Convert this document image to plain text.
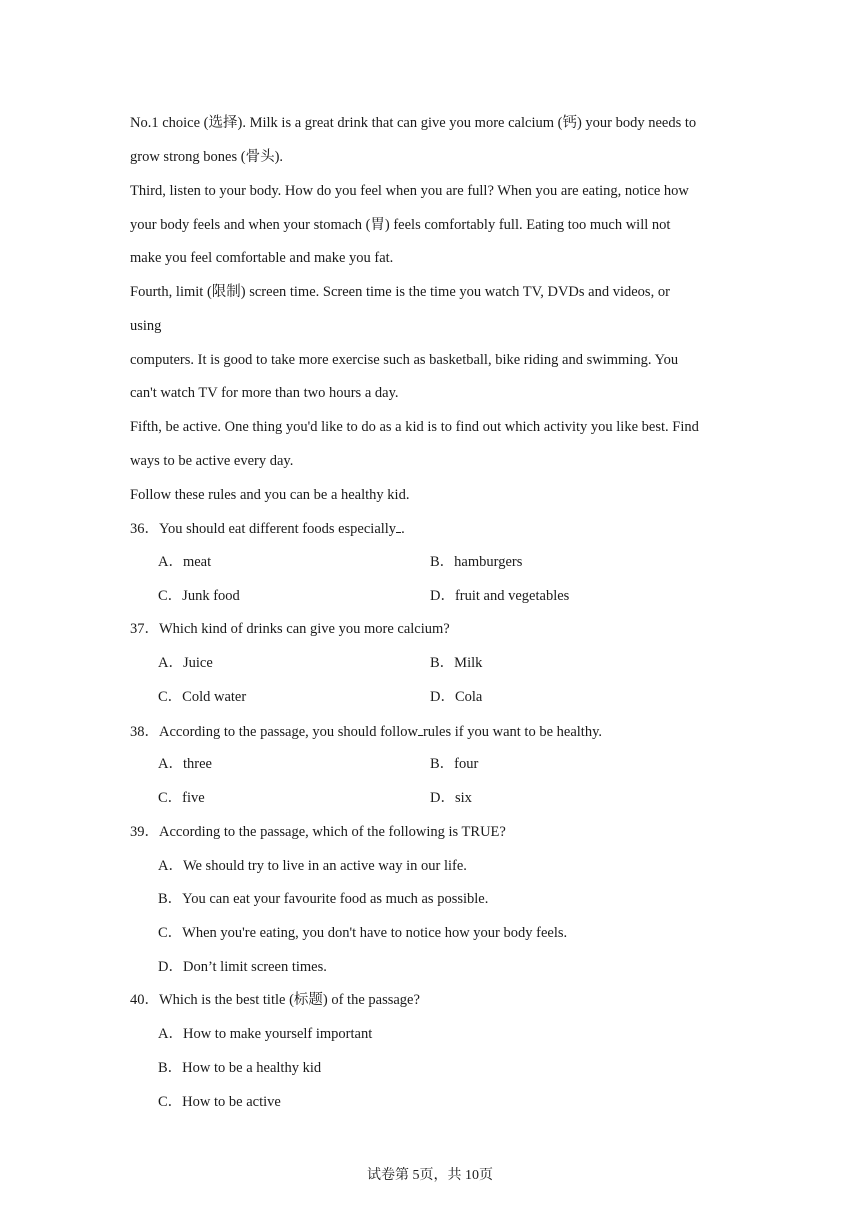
No.1 choice (选择). Milk is a great drink that can give you more calcium (钙) your body needs to
grow strong bones (骨头).
Third, listen to your body. How do you feel when you are full? When you are eating, notice how
your body feels and when your stomach (胃) feels comfortably full. Eating too much will not
make you feel comfortable and make you fat.
Fourth, limit (限制) screen time. Screen time is the time you watch TV, DVDs and videos, or
using
computers. It is good to take more exercise such as basketball, bike riding and swimming. You
can't watch TV for more than two hours a day.
Fifth, be active. One thing you'd like to do as a kid is to find out which activity you like best. Find
ways to be active every day.
Follow these rules and you can be a healthy kid.
36．You should eat different foods especially .
A．meat	B．hamburgers
C．Junk food	D．fruit and vegetables
37．Which kind of drinks can give you more calcium?
A．Juice	B．Milk
C．Cold water	D．Cola
38．According to the passage, you should follow rules if you want to be healthy.
A．three	B．four
C．five	D．six
39．According to the passage, which of the following is TRUE?
A．We should try to live in an active way in our life.
B．You can eat your favourite food as much as possible.
C．When you're eating, you don't have to notice how your body feels.
D．Don’t limit screen times.
40．Which is the best title (标题) of the passage?
A．How to make yourself important
B．How to be a healthy kid
C．How to be active
试卷第 5页，共 10页
